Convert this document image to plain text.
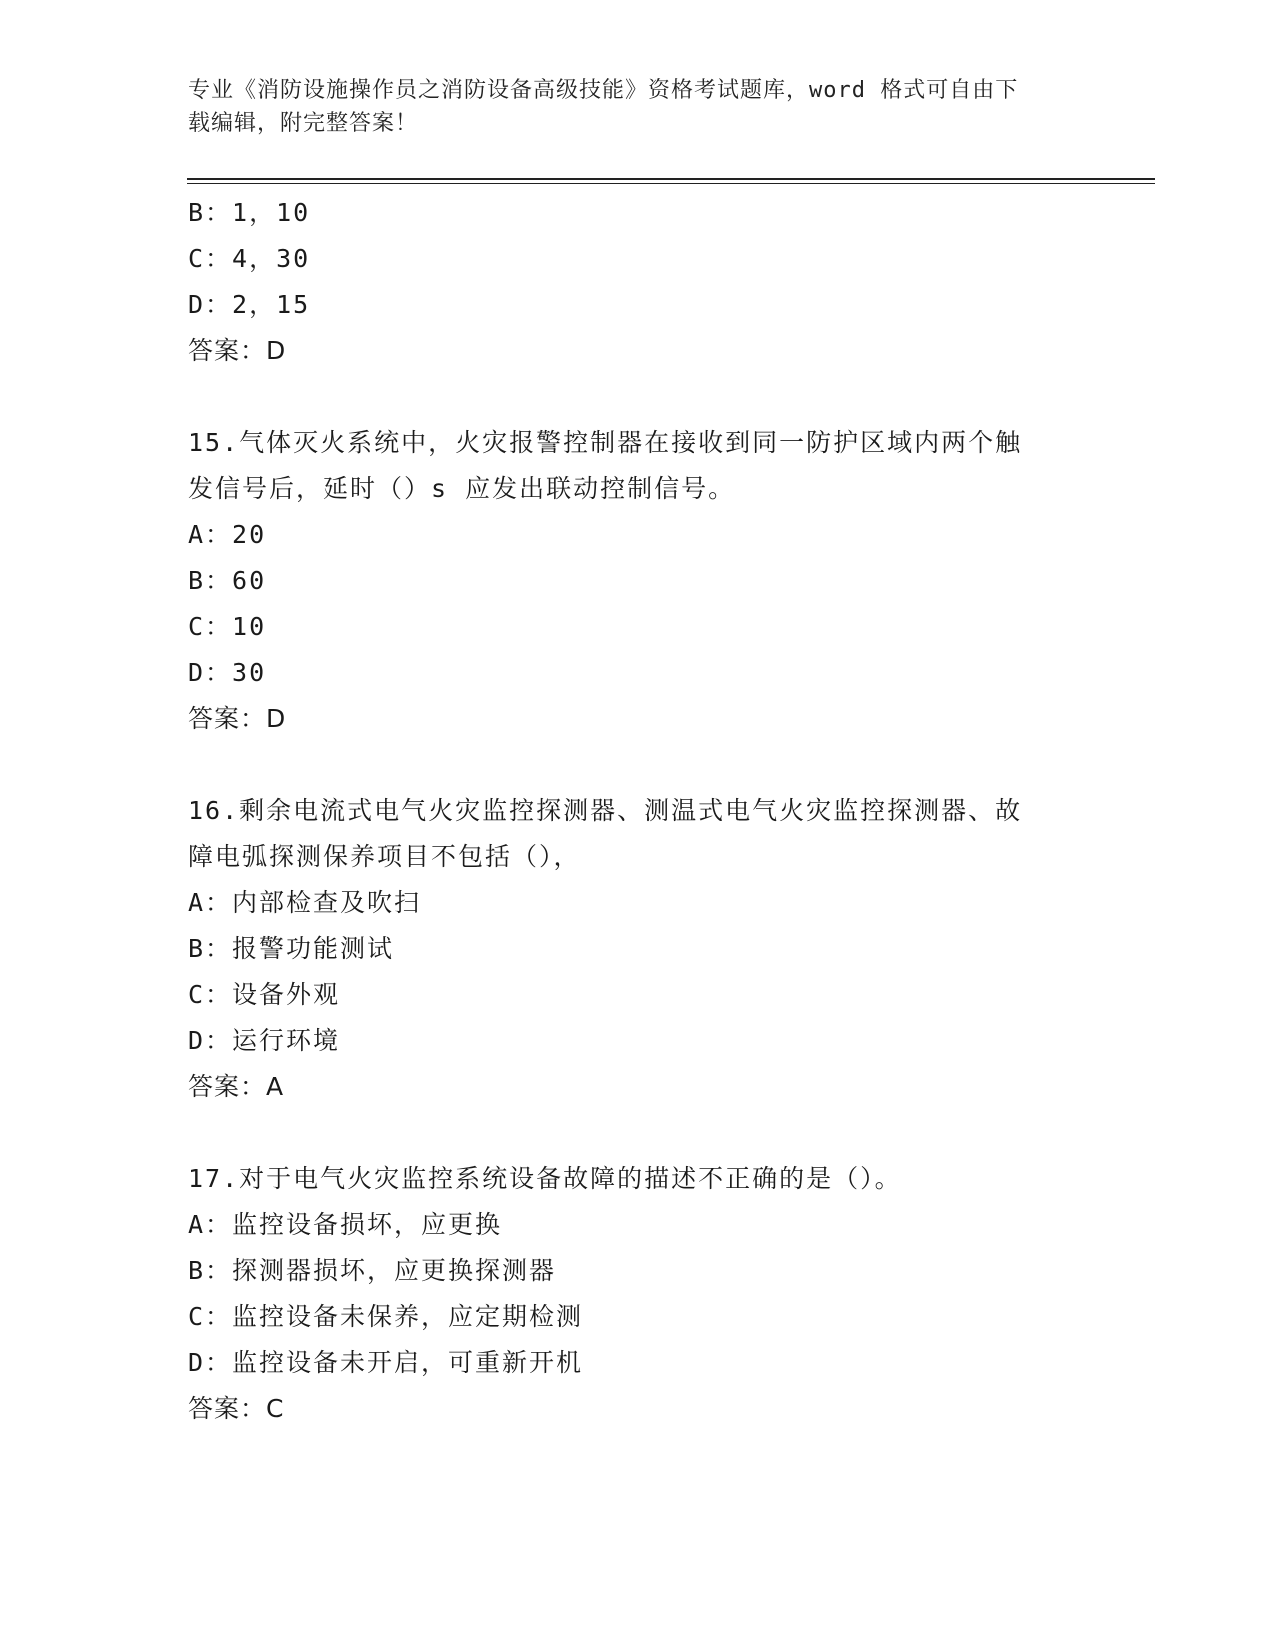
专业《消防设施操作员之消防设备高级技能》资格考试题库，word 格式可自由下
载编辑，附完整答案！
B：1，10
C：4，30
D：2，15
答案：D
15.气体灭火系统中，火灾报警控制器在接收到同一防护区域内两个触
发信号后，延时（）s 应发出联动控制信号。
A：20
B：60
C：10
D：30
答案：D
16.剩余电流式电气火灾监控探测器、测温式电气火灾监控探测器、故
障电弧探测保养项目不包括（），
A：内部检查及吹扫
B：报警功能测试
C：设备外观
D：运行环境
答案：A
17.对于电气火灾监控系统设备故障的描述不正确的是（）。
A：监控设备损坏，应更换
B：探测器损坏，应更换探测器
C：监控设备未保养，应定期检测
D：监控设备未开启，可重新开机
答案：C
